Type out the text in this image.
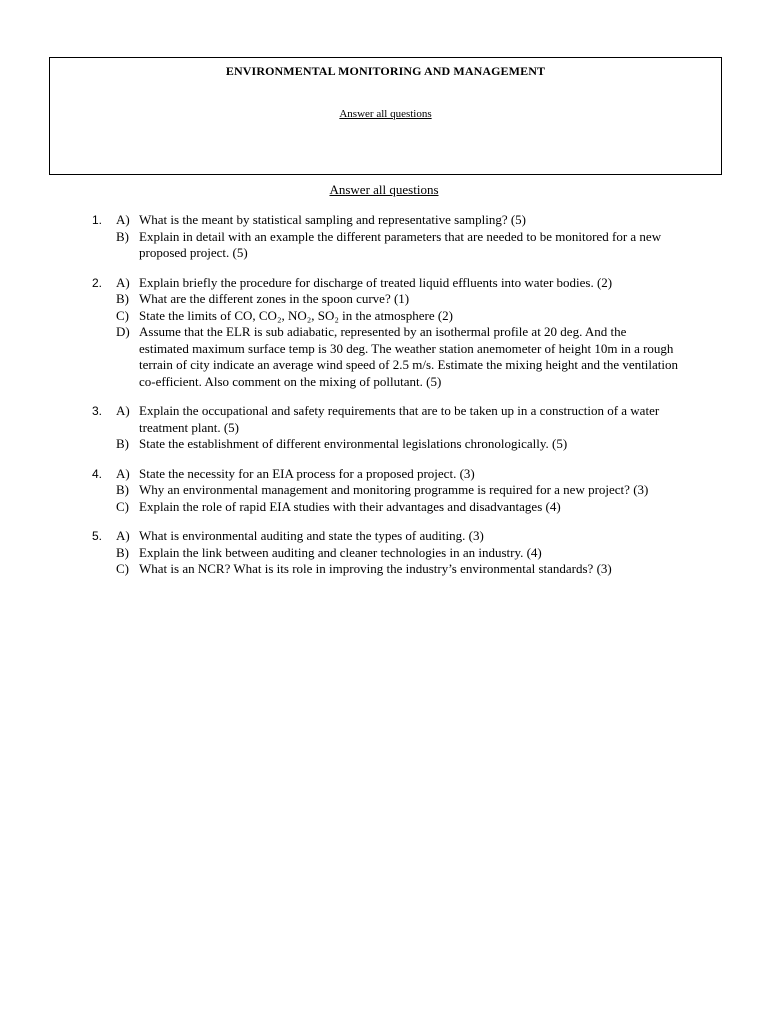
ENVIRONMENTAL MONITORING AND MANAGEMENT
Answer all questions
Answer all questions
1. A) What is the meant by statistical sampling and representative sampling? (5)
B) Explain in detail with an example the different parameters that are needed to be monitored for a new proposed project. (5)
2. A) Explain briefly the procedure for discharge of treated liquid effluents into water bodies. (2)
B) What are the different zones in the spoon curve? (1)
C) State the limits of CO, CO₂, NO₂, SO₂ in the atmosphere (2)
D) Assume that the ELR is sub adiabatic, represented by an isothermal profile at 20 deg. And the estimated maximum surface temp is 30 deg. The weather station anemometer of height 10m in a rough terrain of city indicate an average wind speed of 2.5 m/s. Estimate the mixing height and the ventilation co-efficient. Also comment on the mixing of pollutant. (5)
3. A) Explain the occupational and safety requirements that are to be taken up in a construction of a water treatment plant. (5)
B) State the establishment of different environmental legislations chronologically. (5)
4. A) State the necessity for an EIA process for a proposed project. (3)
B) Why an environmental management and monitoring programme is required for a new project? (3)
C) Explain the role of rapid EIA studies with their advantages and disadvantages (4)
5. A) What is environmental auditing and state the types of auditing. (3)
B) Explain the link between auditing and cleaner technologies in an industry. (4)
C) What is an NCR? What is its role in improving the industry’s environmental standards? (3)
